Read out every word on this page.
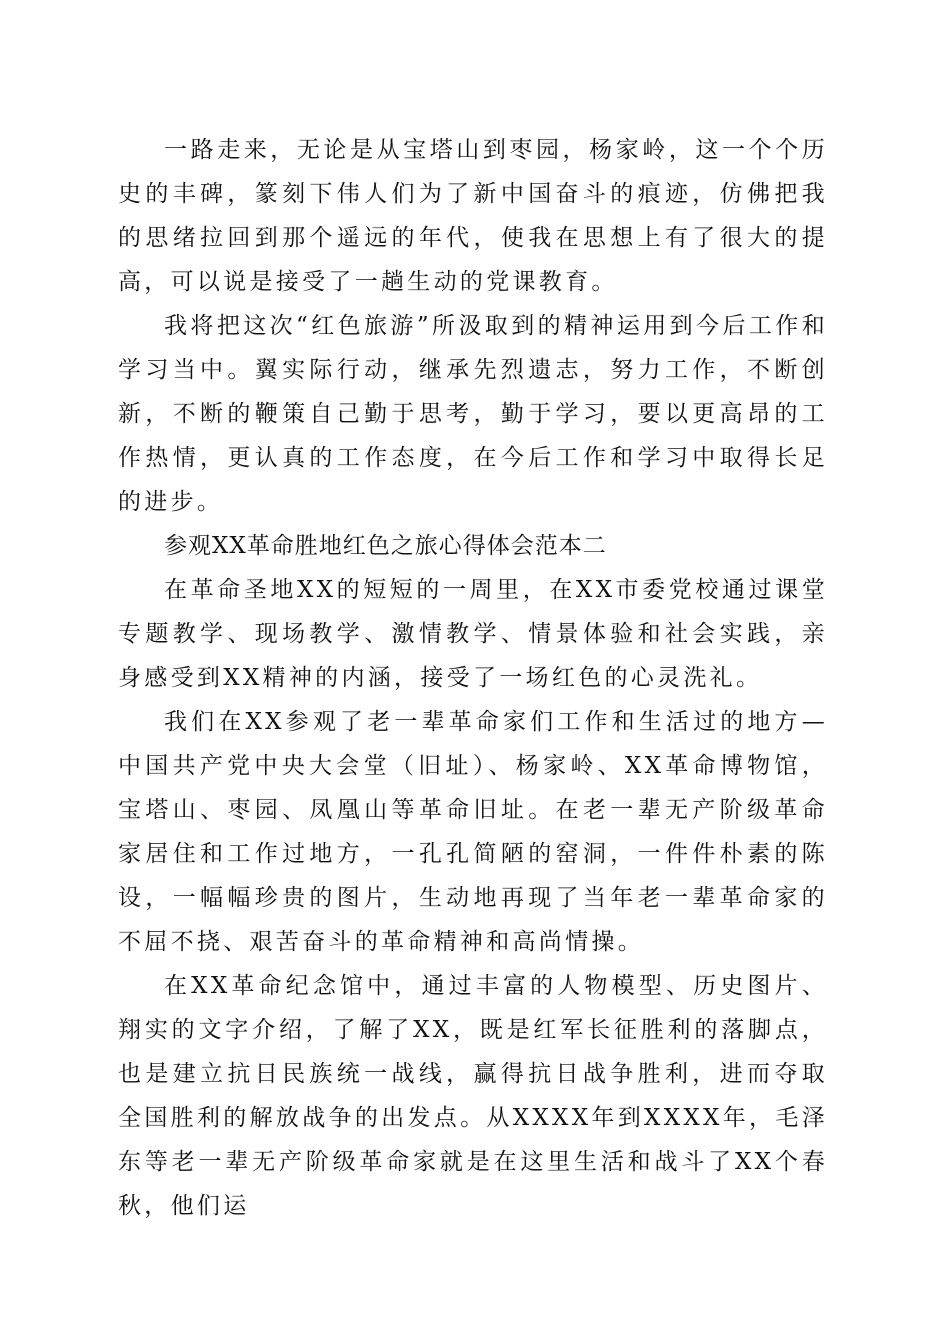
一路走来，无论是从宝塔山到枣园，杨家岭，这一个个历史的丰碑，篆刻下伟人们为了新中国奋斗的痕迹，仿佛把我的思绪拉回到那个遥远的年代，使我在思想上有了很大的提高，可以说是接受了一趟生动的党课教育。

我将把这次“红色旅游”所汲取到的精神运用到今后工作和学习当中。翼实际行动，继承先烈遗志，努力工作，不断创新，不断的鞭策自己勤于思考，勤于学习，要以更高昂的工作热情，更认真的工作态度，在今后工作和学习中取得长足的进步。

参观XX革命胜地红色之旅心得体会范本二

在革命圣地XX的短短的一周里，在XX市委党校通过课堂专题教学、现场教学、激情教学、情景体验和社会实践，亲身感受到XX精神的内涵，接受了一场红色的心灵洗礼。

我们在XX参观了老一辈革命家们工作和生活过的地方—中国共产党中央大会堂（旧址）、杨家岭、XX革命博物馆，宝塔山、枣园、凤凰山等革命旧址。在老一辈无产阶级革命家居住和工作过地方，一孔孔简陋的窑洞，一件件朴素的陈设，一幅幅珍贵的图片，生动地再现了当年老一辈革命家的不屈不挠、艰苦奋斗的革命精神和高尚情操。

在XX革命纪念馆中，通过丰富的人物模型、历史图片、翔实的文字介绍，了解了XX，既是红军长征胜利的落脚点，也是建立抗日民族统一战线，赢得抗日战争胜利，进而夺取全国胜利的解放战争的出发点。从XXXX年到XXXX年，毛泽东等老一辈无产阶级革命家就是在这里生活和战斗了XX个春秋，他们运
